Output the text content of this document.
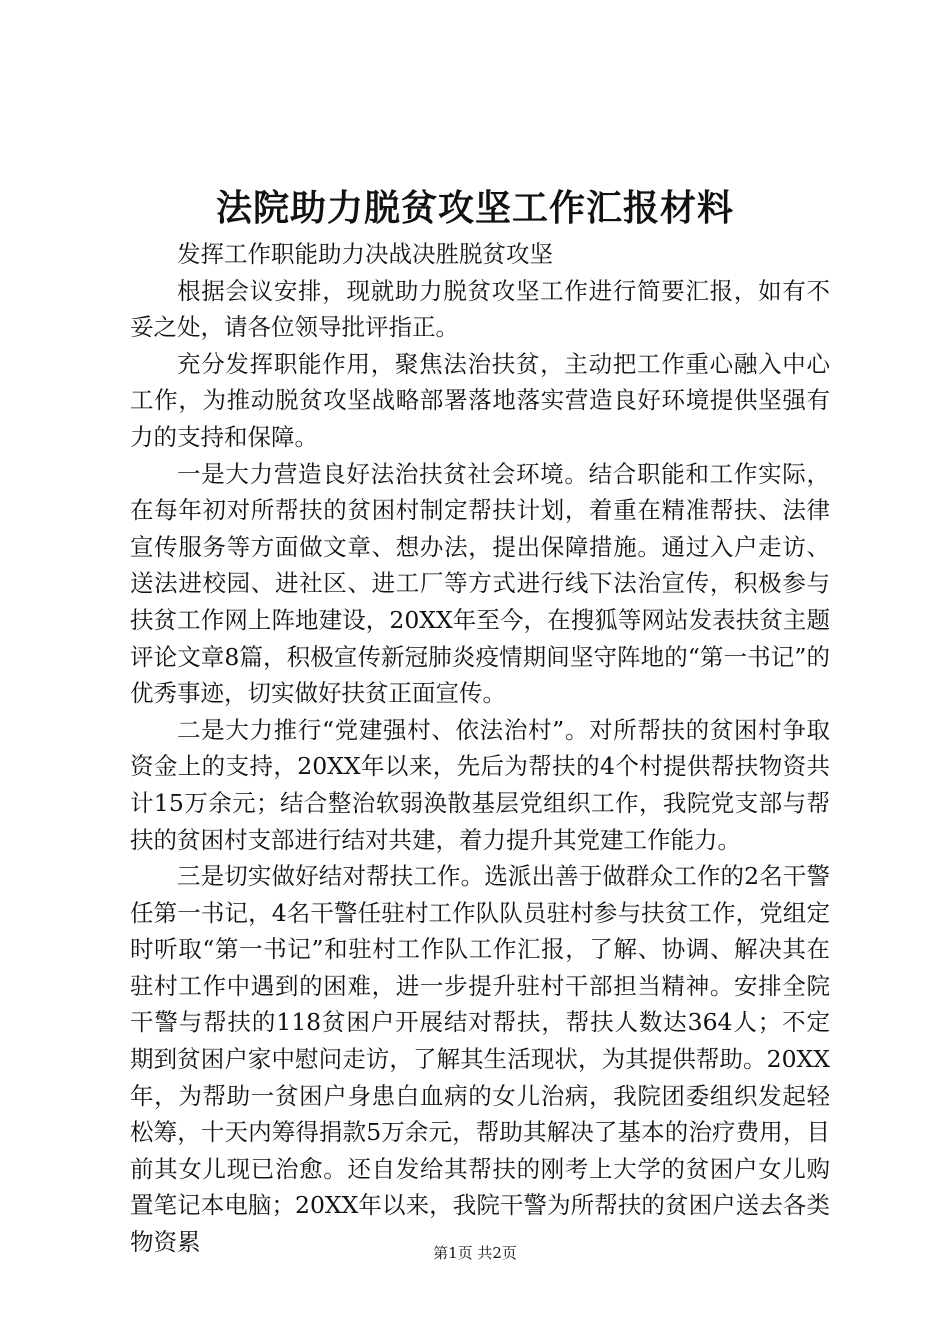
法院助力脱贫攻坚工作汇报材料

发挥工作职能助力决战决胜脱贫攻坚

根据会议安排，现就助力脱贫攻坚工作进行简要汇报，如有不妥之处，请各位领导批评指正。

充分发挥职能作用，聚焦法治扶贫，主动把工作重心融入中心工作，为推动脱贫攻坚战略部署落地落实营造良好环境提供坚强有力的支持和保障。

一是大力营造良好法治扶贫社会环境。结合职能和工作实际，在每年初对所帮扶的贫困村制定帮扶计划，着重在精准帮扶、法律宣传服务等方面做文章、想办法，提出保障措施。通过入户走访、送法进校园、进社区、进工厂等方式进行线下法治宣传，积极参与扶贫工作网上阵地建设，20XX年至今，在搜狐等网站发表扶贫主题评论文章8篇，积极宣传新冠肺炎疫情期间坚守阵地的“第一书记”的优秀事迹，切实做好扶贫正面宣传。

二是大力推行“党建强村、依法治村”。对所帮扶的贫困村争取资金上的支持，20XX年以来，先后为帮扶的4个村提供帮扶物资共计15万余元；结合整治软弱涣散基层党组织工作，我院党支部与帮扶的贫困村支部进行结对共建，着力提升其党建工作能力。

三是切实做好结对帮扶工作。选派出善于做群众工作的2名干警任第一书记，4名干警任驻村工作队队员驻村参与扶贫工作，党组定时听取“第一书记”和驻村工作队工作汇报，了解、协调、解决其在驻村工作中遇到的困难，进一步提升驻村干部担当精神。安排全院干警与帮扶的118贫困户开展结对帮扶，帮扶人数达364人；不定期到贫困户家中慰问走访，了解其生活现状，为其提供帮助。20XX年，为帮助一贫困户身患白血病的女儿治病，我院团委组织发起轻松筹，十天内筹得捐款5万余元，帮助其解决了基本的治疗费用，目前其女儿现已治愈。还自发给其帮扶的刚考上大学的贫困户女儿购置笔记本电脑；20XX年以来，我院干警为所帮扶的贫困户送去各类物资累	第1页 共2页
